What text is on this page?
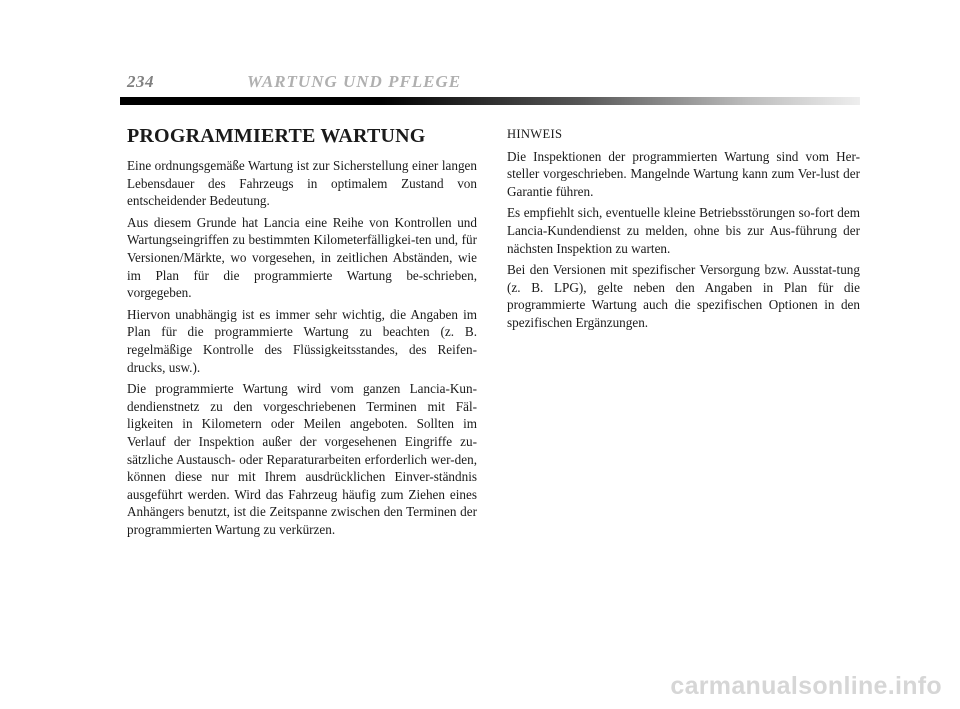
234	WARTUNG UND PFLEGE
PROGRAMMIERTE WARTUNG

Eine ordnungsgemäße Wartung ist zur Sicherstellung einer langen Lebensdauer des Fahrzeugs in optimalem Zustand von entscheidender Bedeutung.

Aus diesem Grunde hat Lancia eine Reihe von Kontrollen und Wartungseingriffen zu bestimmten Kilometerfälligkei-ten und, für Versionen/Märkte, wo vorgesehen, in zeitlichen Abständen, wie im Plan für die programmierte Wartung be-schrieben, vorgegeben.

Hiervon unabhängig ist es immer sehr wichtig, die Angaben im Plan für die programmierte Wartung zu beachten (z. B. regelmäßige Kontrolle des Flüssigkeitsstandes, des Reifen-drucks, usw.).

Die programmierte Wartung wird vom ganzen Lancia-Kun-dendienstnetz zu den vorgeschriebenen Terminen mit Fäl-ligkeiten in Kilometern oder Meilen angeboten. Sollten im Verlauf der Inspektion außer der vorgesehenen Eingriffe zu-sätzliche Austausch- oder Reparaturarbeiten erforderlich wer-den, können diese nur mit Ihrem ausdrücklichen Einver-ständnis ausgeführt werden. Wird das Fahrzeug häufig zum Ziehen eines Anhängers benutzt, ist die Zeitspanne zwischen den Terminen der programmierten Wartung zu verkürzen.

HINWEIS

Die Inspektionen der programmierten Wartung sind vom Her-steller vorgeschrieben. Mangelnde Wartung kann zum Ver-lust der Garantie führen.

Es empfiehlt sich, eventuelle kleine Betriebsstörungen so-fort dem Lancia-Kundendienst zu melden, ohne bis zur Aus-führung der nächsten Inspektion zu warten.

Bei den Versionen mit spezifischer Versorgung bzw. Ausstat-tung (z. B. LPG), gelte neben den Angaben in Plan für die programmierte Wartung auch die spezifischen Optionen in den spezifischen Ergänzungen.

carmanualsonline.info
